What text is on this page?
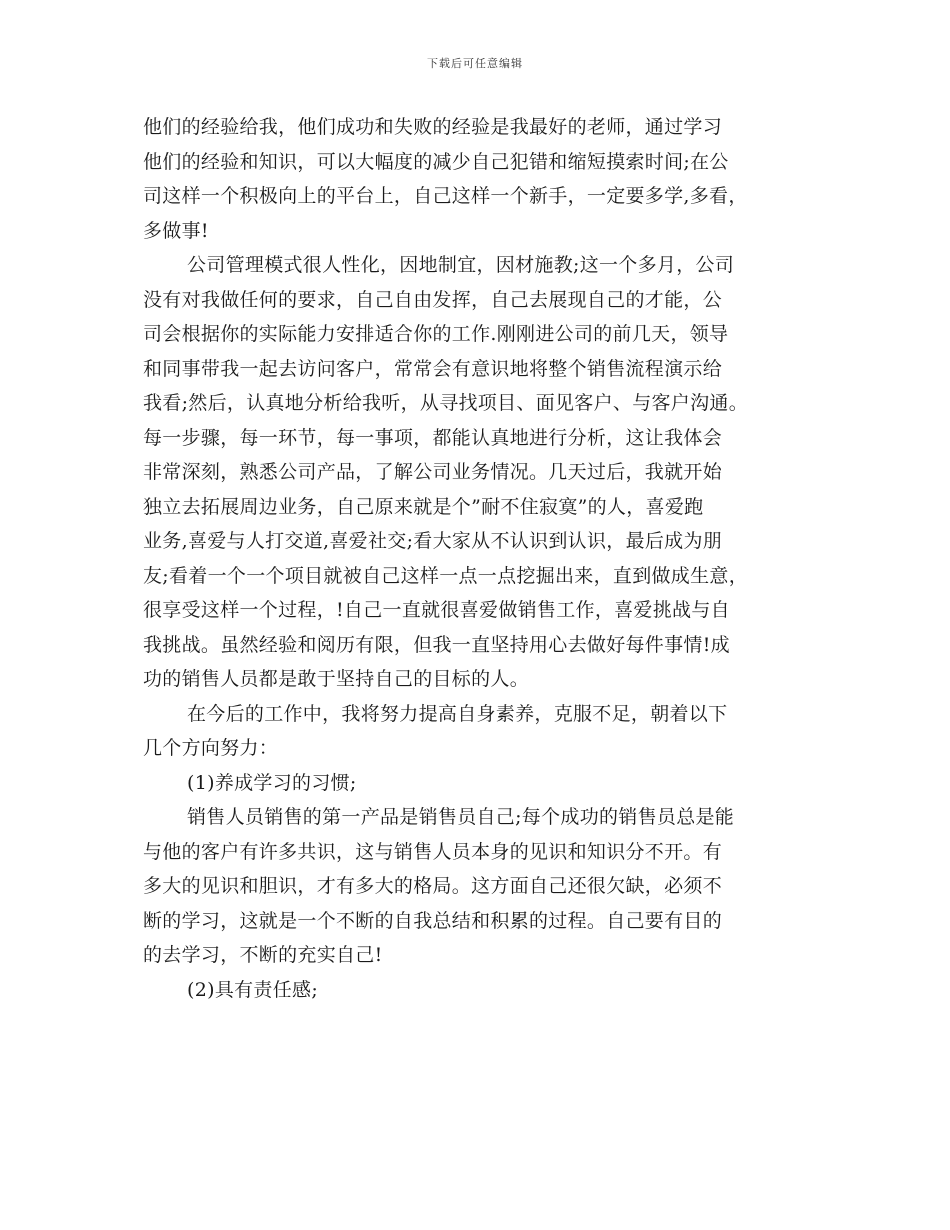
下载后可任意编辑
他们的经验给我，他们成功和失败的经验是我最好的老师，通过学习
他们的经验和知识，可以大幅度的减少自己犯错和缩短摸索时间;在公
司这样一个积极向上的平台上，自己这样一个新手，一定要多学,多看，
多做事!
公司管理模式很人性化，因地制宜，因材施教;这一个多月，公司
没有对我做任何的要求，自己自由发挥，自己去展现自己的才能，公
司会根据你的实际能力安排适合你的工作.刚刚进公司的前几天，领导
和同事带我一起去访问客户，常常会有意识地将整个销售流程演示给
我看;然后，认真地分析给我听，从寻找项目、面见客户、与客户沟通。
每一步骤，每一环节，每一事项，都能认真地进行分析，这让我体会
非常深刻，熟悉公司产品，了解公司业务情况。几天过后，我就开始
独立去拓展周边业务，自己原来就是个”耐不住寂寞”的人，喜爱跑
业务,喜爱与人打交道,喜爱社交;看大家从不认识到认识，最后成为朋
友;看着一个一个项目就被自己这样一点一点挖掘出来，直到做成生意，
很享受这样一个过程，!自己一直就很喜爱做销售工作，喜爱挑战与自
我挑战。虽然经验和阅历有限，但我一直坚持用心去做好每件事情!成
功的销售人员都是敢于坚持自己的目标的人。
在今后的工作中，我将努力提高自身素养，克服不足，朝着以下
几个方向努力：
(1)养成学习的习惯;
销售人员销售的第一产品是销售员自己;每个成功的销售员总是能
与他的客户有许多共识，这与销售人员本身的见识和知识分不开。有
多大的见识和胆识，才有多大的格局。这方面自己还很欠缺，必须不
断的学习，这就是一个不断的自我总结和积累的过程。自己要有目的
的去学习，不断的充实自己!
(2)具有责任感;
